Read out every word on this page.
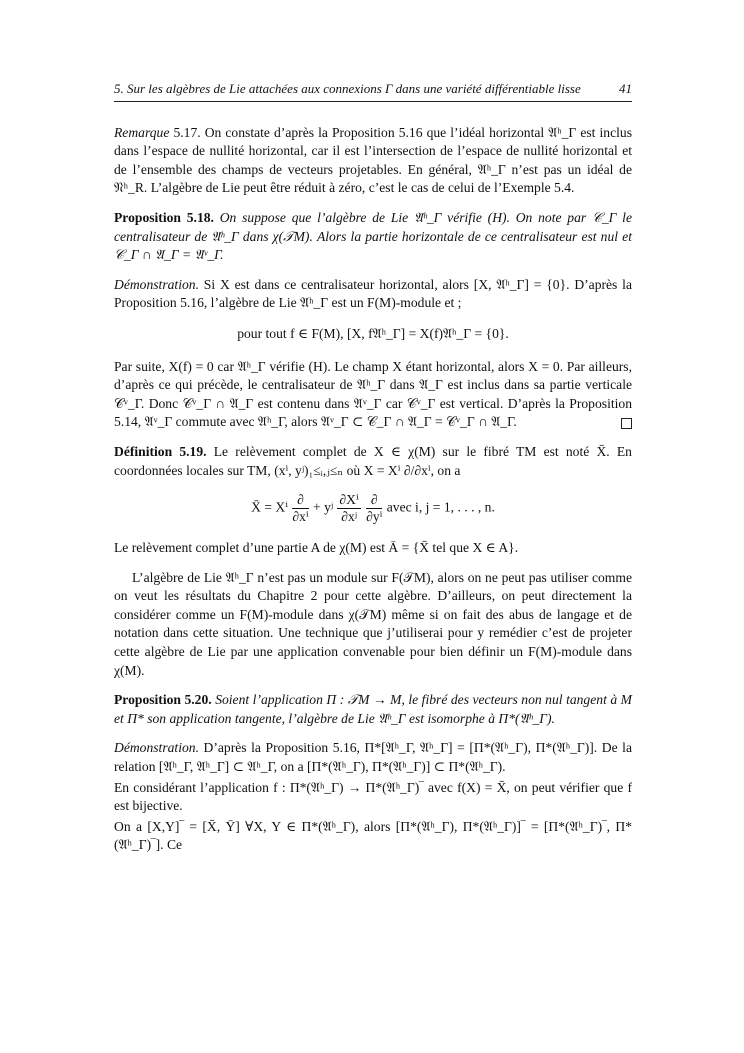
5. Sur les algèbres de Lie attachées aux connexions Γ dans une variété différentiable lisse	41

Remarque 5.17. On constate d’après la Proposition 5.16 que l’idéal horizontal 𝔄ʰ_Γ est inclus dans l’espace de nullité horizontal, car il est l’intersection de l’espace de nullité horizontal et de l’ensemble des champs de vecteurs projetables. En général, 𝔄ʰ_Γ n’est pas un idéal de 𝔑ʰ_R. L’algèbre de Lie peut être réduit à zéro, c’est le cas de celui de l’Exemple 5.4.

Proposition 5.18. On suppose que l’algèbre de Lie 𝔄ʰ_Γ vérifie (H). On note par 𝒞_Γ le centralisateur de 𝔄ʰ_Γ dans χ(𝒯M). Alors la partie horizontale de ce centralisateur est nul et 𝒞_Γ ∩ 𝔄_Γ = 𝔄ᵛ_Γ.

Démonstration. Si X est dans ce centralisateur horizontal, alors [X, 𝔄ʰ_Γ] = {0}. D’après la Proposition 5.16, l’algèbre de Lie 𝔄ʰ_Γ est un F(M)-module et ;

pour tout f ∈ F(M), [X, f𝔄ʰ_Γ] = X(f)𝔄ʰ_Γ = {0}.

Par suite, X(f) = 0 car 𝔄ʰ_Γ vérifie (H). Le champ X étant horizontal, alors X = 0. Par ailleurs, d’après ce qui précède, le centralisateur de 𝔄ʰ_Γ dans 𝔄_Γ est inclus dans sa partie verticale 𝒞ᵛ_Γ. Donc 𝒞ᵛ_Γ ∩ 𝔄_Γ est contenu dans 𝔄ᵛ_Γ car 𝒞ᵛ_Γ est vertical. D’après la Proposition 5.14, 𝔄ᵛ_Γ commute avec 𝔄ʰ_Γ, alors 𝔄ᵛ_Γ ⊂ 𝒞_Γ ∩ 𝔄_Γ = 𝒞ᵛ_Γ ∩ 𝔄_Γ.

Définition 5.19. Le relèvement complet de X ∈ χ(M) sur le fibré TM est noté X̄. En coordonnées locales sur TM, (xⁱ, yʲ)₁≤ᵢ,ⱼ≤ₙ où X = Xⁱ ∂/∂xⁱ, on a

X̄ = Xⁱ $\frac{\partial}{\text{∂xⁱ}}$ + yʲ $\frac{\text{∂Xⁱ}}{\text{∂xʲ}}$
$\frac{\partial}{\text{∂yⁱ}}$ avec i, j = 1, . . . , n.

Le relèvement complet d’une partie A de χ(M) est Ā = {X̄ tel que X ∈ A}.

L’algèbre de Lie 𝔄ʰ_Γ n’est pas un module sur F(𝒯M), alors on ne peut pas utiliser comme on veut les résultats du Chapitre 2 pour cette algèbre. D’ailleurs, on peut directement la considérer comme un F(M)-module dans χ(𝒯M) même si on fait des abus de langage et de notation dans cette situation. Une technique que j’utiliserai pour y remédier c’est de projeter cette algèbre de Lie par une application convenable pour bien définir un F(M)-module dans χ(M).

Proposition 5.20. Soient l’application Π : 𝒯M → M, le fibré des vecteurs non nul tangent à M et Π* son application tangente, l’algèbre de Lie 𝔄ʰ_Γ est isomorphe à Π*(𝔄ʰ_Γ).

Démonstration. D’après la Proposition 5.16, Π*[𝔄ʰ_Γ, 𝔄ʰ_Γ] = [Π*(𝔄ʰ_Γ), Π*(𝔄ʰ_Γ)]. De la relation [𝔄ʰ_Γ, 𝔄ʰ_Γ] ⊂ 𝔄ʰ_Γ, on a [Π*(𝔄ʰ_Γ), Π*(𝔄ʰ_Γ)] ⊂ Π*(𝔄ʰ_Γ).

En considérant l’application f : Π*(𝔄ʰ_Γ) → Π*(𝔄ʰ_Γ)‾ avec f(X) = X̄, on peut vérifier que f est bijective.

On a [X,Y]‾ = [X̄, Ȳ] ∀X, Y ∈ Π*(𝔄ʰ_Γ), alors [Π*(𝔄ʰ_Γ), Π*(𝔄ʰ_Γ)]‾ = [Π*(𝔄ʰ_Γ)‾, Π*(𝔄ʰ_Γ)‾]. Ce
